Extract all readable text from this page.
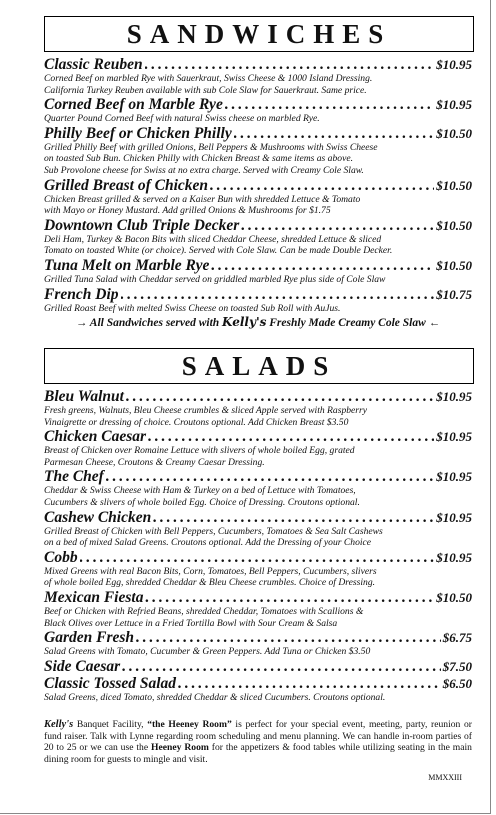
SANDWICHES
Classic Reuben . . .	$10.95
Corned Beef on marbled Rye with Sauerkraut, Swiss Cheese & 1000 Island Dressing.
California Turkey Reuben available with sub Cole Slaw for Sauerkraut. Same price.
Corned Beef on Marble Rye . . .	$10.95
Quarter Pound Corned Beef with natural Swiss cheese on marbled Rye.
Philly Beef or Chicken Philly . . .	$10.50
Grilled Philly Beef with grilled Onions, Bell Peppers & Mushrooms with Swiss Cheese
on toasted Sub Bun. Chicken Philly with Chicken Breast & same items as above.
Sub Provolone cheese for Swiss at no extra charge. Served with Creamy Cole Slaw.
Grilled Breast of Chicken . . .	$10.50
Chicken Breast grilled & served on a Kaiser Bun with shredded Lettuce & Tomato
with Mayo or Honey Mustard. Add grilled Onions & Mushrooms for $1.75
Downtown Club Triple Decker . . .	$10.50
Deli Ham, Turkey & Bacon Bits with sliced Cheddar Cheese, shredded Lettuce & sliced
Tomato on toasted White (or choice). Served with Cole Slaw. Can be made Double Decker.
Tuna Melt on Marble Rye . . .	$10.50
Grilled Tuna Salad with Cheddar served on griddled marbled Rye plus side of Cole Slaw
French Dip . . .	$10.75
Grilled Roast Beef with melted Swiss Cheese on toasted Sub Roll with AuJus.
→ All Sandwiches served with Kelly's Freshly Made Creamy Cole Slaw ←
SALADS
Bleu Walnut . . .	$10.95
Fresh greens, Walnuts, Bleu Cheese crumbles & sliced Apple served with Raspberry
Vinaigrette or dressing of choice. Croutons optional. Add Chicken Breast $3.50
Chicken Caesar . . .	$10.95
Breast of Chicken over Romaine Lettuce with slivers of whole boiled Egg, grated
Parmesan Cheese, Croutons & Creamy Caesar Dressing.
The Chef . . .	$10.95
Cheddar & Swiss Cheese with Ham & Turkey on a bed of Lettuce with Tomatoes,
Cucumbers & slivers of whole boiled Egg. Choice of Dressing. Croutons optional.
Cashew Chicken . . .	$10.95
Grilled Breast of Chicken with Bell Peppers, Cucumbers, Tomatoes & Sea Salt Cashews
on a bed of mixed Salad Greens. Croutons optional. Add the Dressing of your Choice
Cobb . . .	$10.95
Mixed Greens with real Bacon Bits, Corn, Tomatoes, Bell Peppers, Cucumbers, slivers
of whole boiled Egg, shredded Cheddar & Bleu Cheese crumbles. Choice of Dressing.
Mexican Fiesta . . .	$10.50
Beef or Chicken with Refried Beans, shredded Cheddar, Tomatoes with Scallions &
Black Olives over Lettuce in a Fried Tortilla Bowl with Sour Cream & Salsa
Garden Fresh . . .	$6.75
Salad Greens with Tomato, Cucumber & Green Peppers. Add Tuna or Chicken $3.50
Side Caesar . . .	$7.50
Classic Tossed Salad . . .	$6.50
Salad Greens, diced Tomato, shredded Cheddar & sliced Cucumbers. Croutons optional.
Kelly's Banquet Facility, “the Heeney Room” is perfect for your special event, meeting, party, reunion or fund raiser. Talk with Lynne regarding room scheduling and menu planning. We can handle in-room parties of 20 to 25 or we can use the Heeney Room for the appetizers & food tables while utilizing seating in the main dining room for guests to mingle and visit.
MMXXIII
